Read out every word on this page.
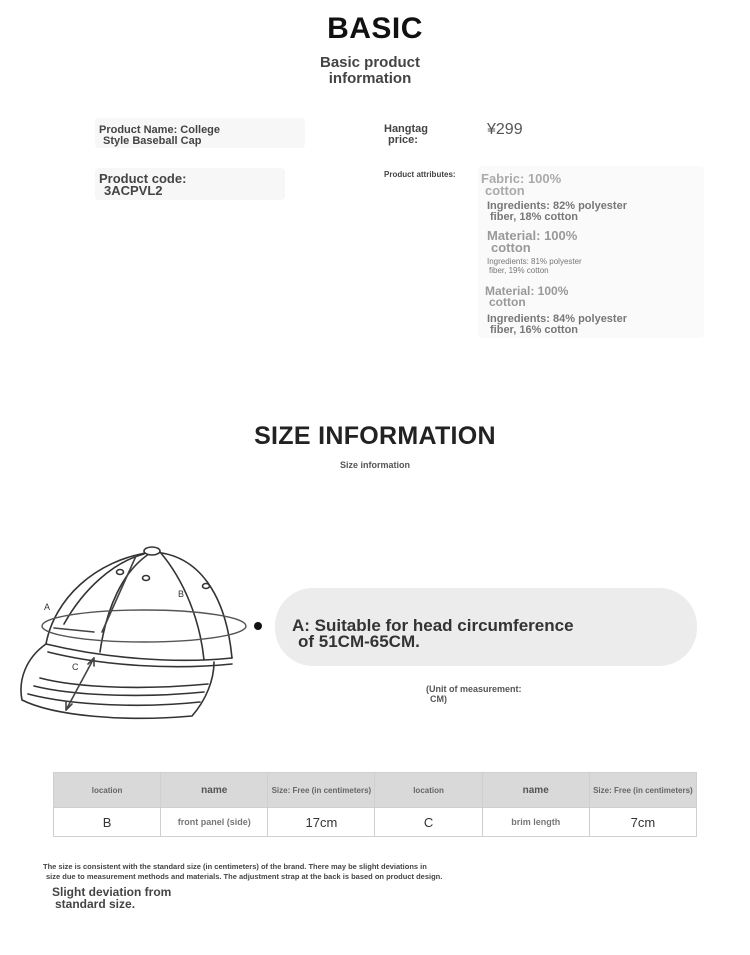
BASIC
Basic product
information
Product Name: College
Style Baseball Cap
Product code:
3ACPVL2
Hangtag
price:
¥299
Product attributes: Fabric: 100%
cotton
Ingredients: 82% polyester
fiber, 18% cotton
Material: 100%
cotton
Ingredients: 81% polyester
fiber, 19% cotton
Material: 100%
cotton
Ingredients: 84% polyester
fiber, 16% cotton
SIZE INFORMATION
Size information
A
B
C
A: Suitable for head circumference
of 51CM-65CM.
(Unit of measurement:
CM)
location	name	Size: Free (in centimeters)	location	name	Size: Free (in centimeters)
B	front panel (side)	17cm	C	brim length	7cm
The size is consistent with the standard size (in centimeters) of the brand. There may be slight deviations in
size due to measurement methods and materials. The adjustment strap at the back is based on product design.
Slight deviation from
standard size.
